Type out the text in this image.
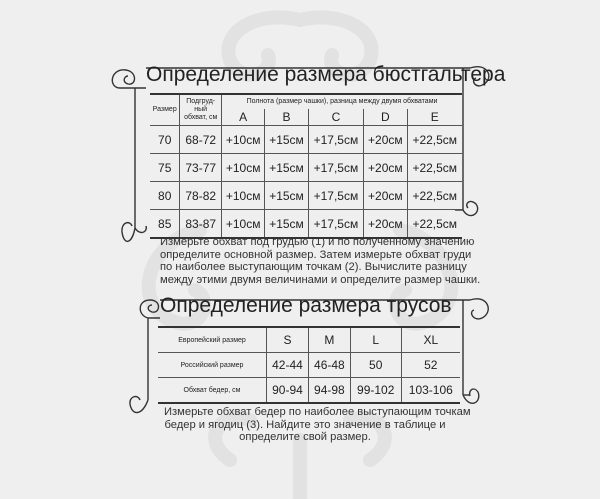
Определение размера бюстгальтера
Размер	Подгруд-
ный
обхват, см	Полнота (размер чашки), разница между двумя обхватами				
		A	B	C	D	E
70	68-72	+10см	+15см	+17,5см	+20см	+22,5см
75	73-77	+10см	+15см	+17,5см	+20см	+22,5см
80	78-82	+10см	+15см	+17,5см	+20см	+22,5см
85	83-87	+10см	+15см	+17,5см	+20см	+22,5см
Измерьте обхват под грудью (1) и по полученному значению
определите основной размер. Затем измерьте обхват груди
по наиболее выступающим точкам (2). Вычислите разницу
между этими двумя величинами и определите размер чашки.
Определение размера трусов
Европейский размер	S	M	L	XL
Российский размер	42-44	46-48	50	52
Обхват бедер, см	90-94	94-98	99-102	103-106
Измерьте обхват бедер по наиболее выступающим точкам
бедер и ягодиц (3). Найдите это значение в таблице и
определите свой размер.
